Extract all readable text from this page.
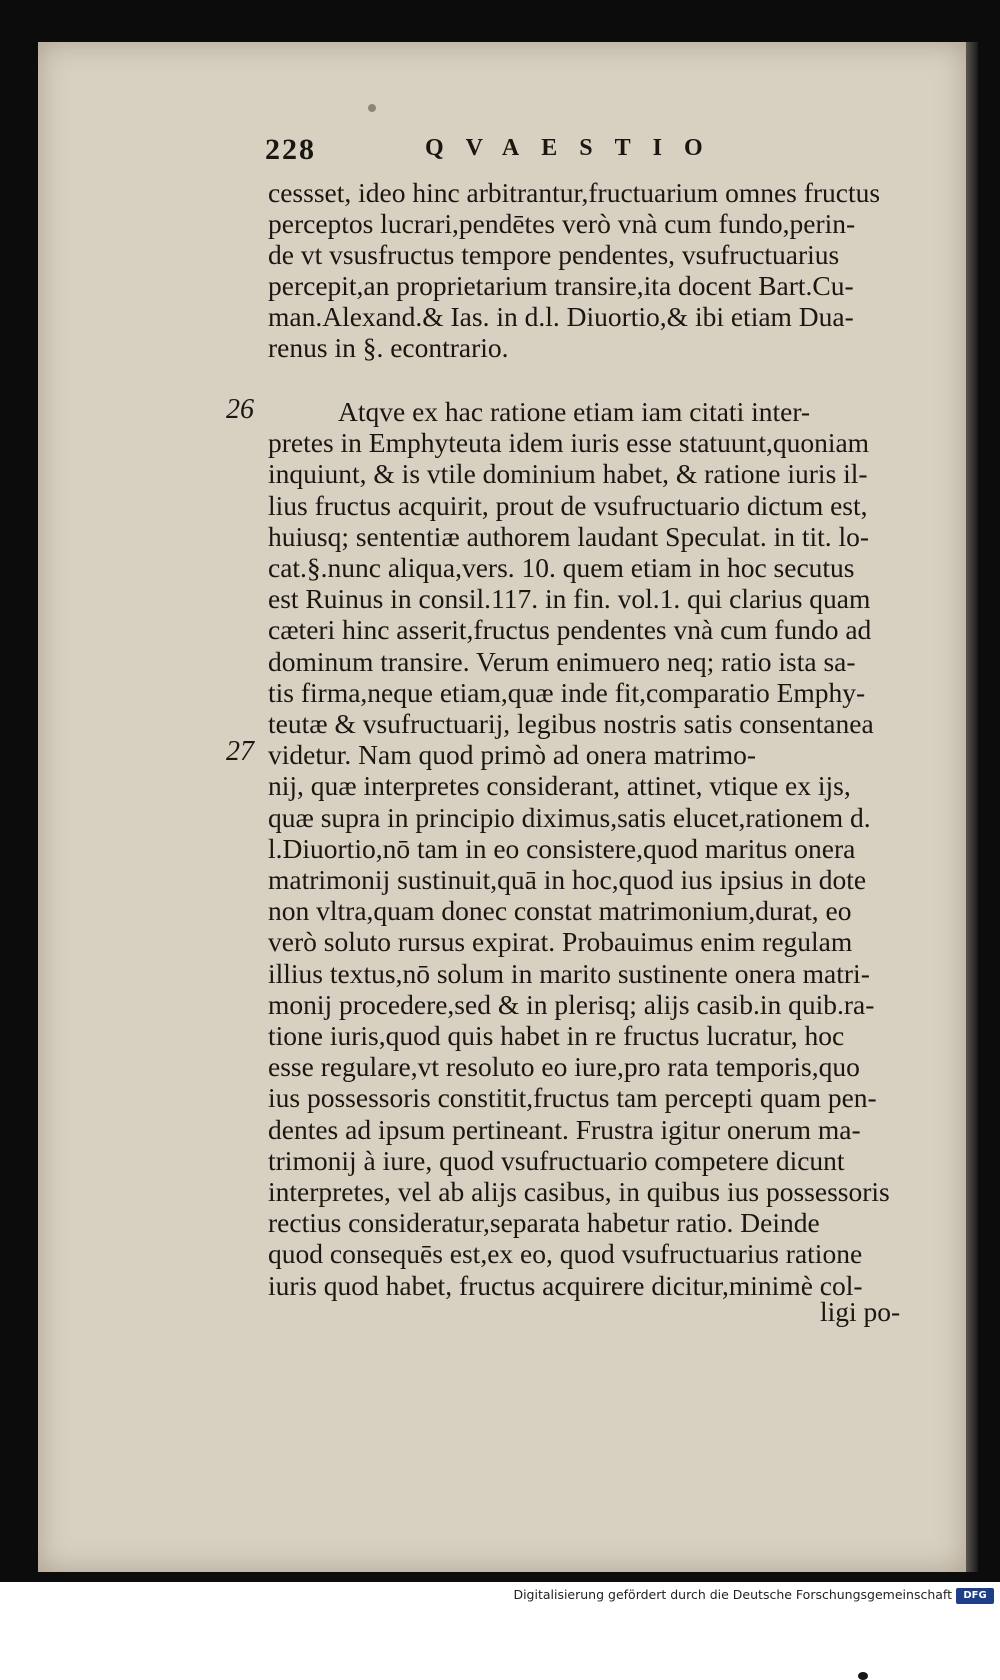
228	QVAESTIO
26
27
cessset, ideo hinc arbitrantur,fructuarium omnes fructus
perceptos lucrari,pendētes verò vnà cum fundo,perin-
de vt vsusfructus tempore pendentes, vsufructuarius
percepit,an proprietarium transire,ita docent Bart.Cu-
man.Alexand.& Ias. in d.l. Diuortio,& ibi etiam Dua-
renus in §. econtrario.
Atqve ex hac ratione etiam iam citati inter-
pretes in Emphyteuta idem iuris esse statuunt,quoniam
inquiunt, & is vtile dominium habet, & ratione iuris il-
lius fructus acquirit, prout de vsufructuario dictum est,
huiusq; sententiæ authorem laudant Speculat. in tit. lo-
cat.§.nunc aliqua,vers. 10. quem etiam in hoc secutus
est Ruinus in consil.117. in fin. vol.1. qui clarius quam
cæteri hinc asserit,fructus pendentes vnà cum fundo ad
dominum transire. Verum enimuero neq; ratio ista sa-
tis firma,neque etiam,quæ inde fit,comparatio Emphy-
teutæ & vsufructuarij, legibus nostris satis consentanea
videtur. Nam quod primò ad onera matrimo-
nij, quæ interpretes considerant, attinet, vtique ex ijs,
quæ supra in principio diximus,satis elucet,rationem d.
l.Diuortio,nō tam in eo consistere,quod maritus onera
matrimonij sustinuit,quā in hoc,quod ius ipsius in dote
non vltra,quam donec constat matrimonium,durat, eo
verò soluto rursus expirat. Probauimus enim regulam
illius textus,nō solum in marito sustinente onera matri-
monij procedere,sed & in plerisq; alijs casib.in quib.ra-
tione iuris,quod quis habet in re fructus lucratur, hoc
esse regulare,vt resoluto eo iure,pro rata temporis,quo
ius possessoris constitit,fructus tam percepti quam pen-
dentes ad ipsum pertineant. Frustra igitur onerum ma-
trimonij à iure, quod vsufructuario competere dicunt
interpretes, vel ab alijs casibus, in quibus ius possessoris
rectius consideratur,separata habetur ratio. Deinde
quod consequēs est,ex eo, quod vsufructuarius ratione
iuris quod habet, fructus acquirere dicitur,minimè col-
ligi po-
Digitalisierung gefördert durch die Deutsche Forschungsgemeinschaft	DFG
